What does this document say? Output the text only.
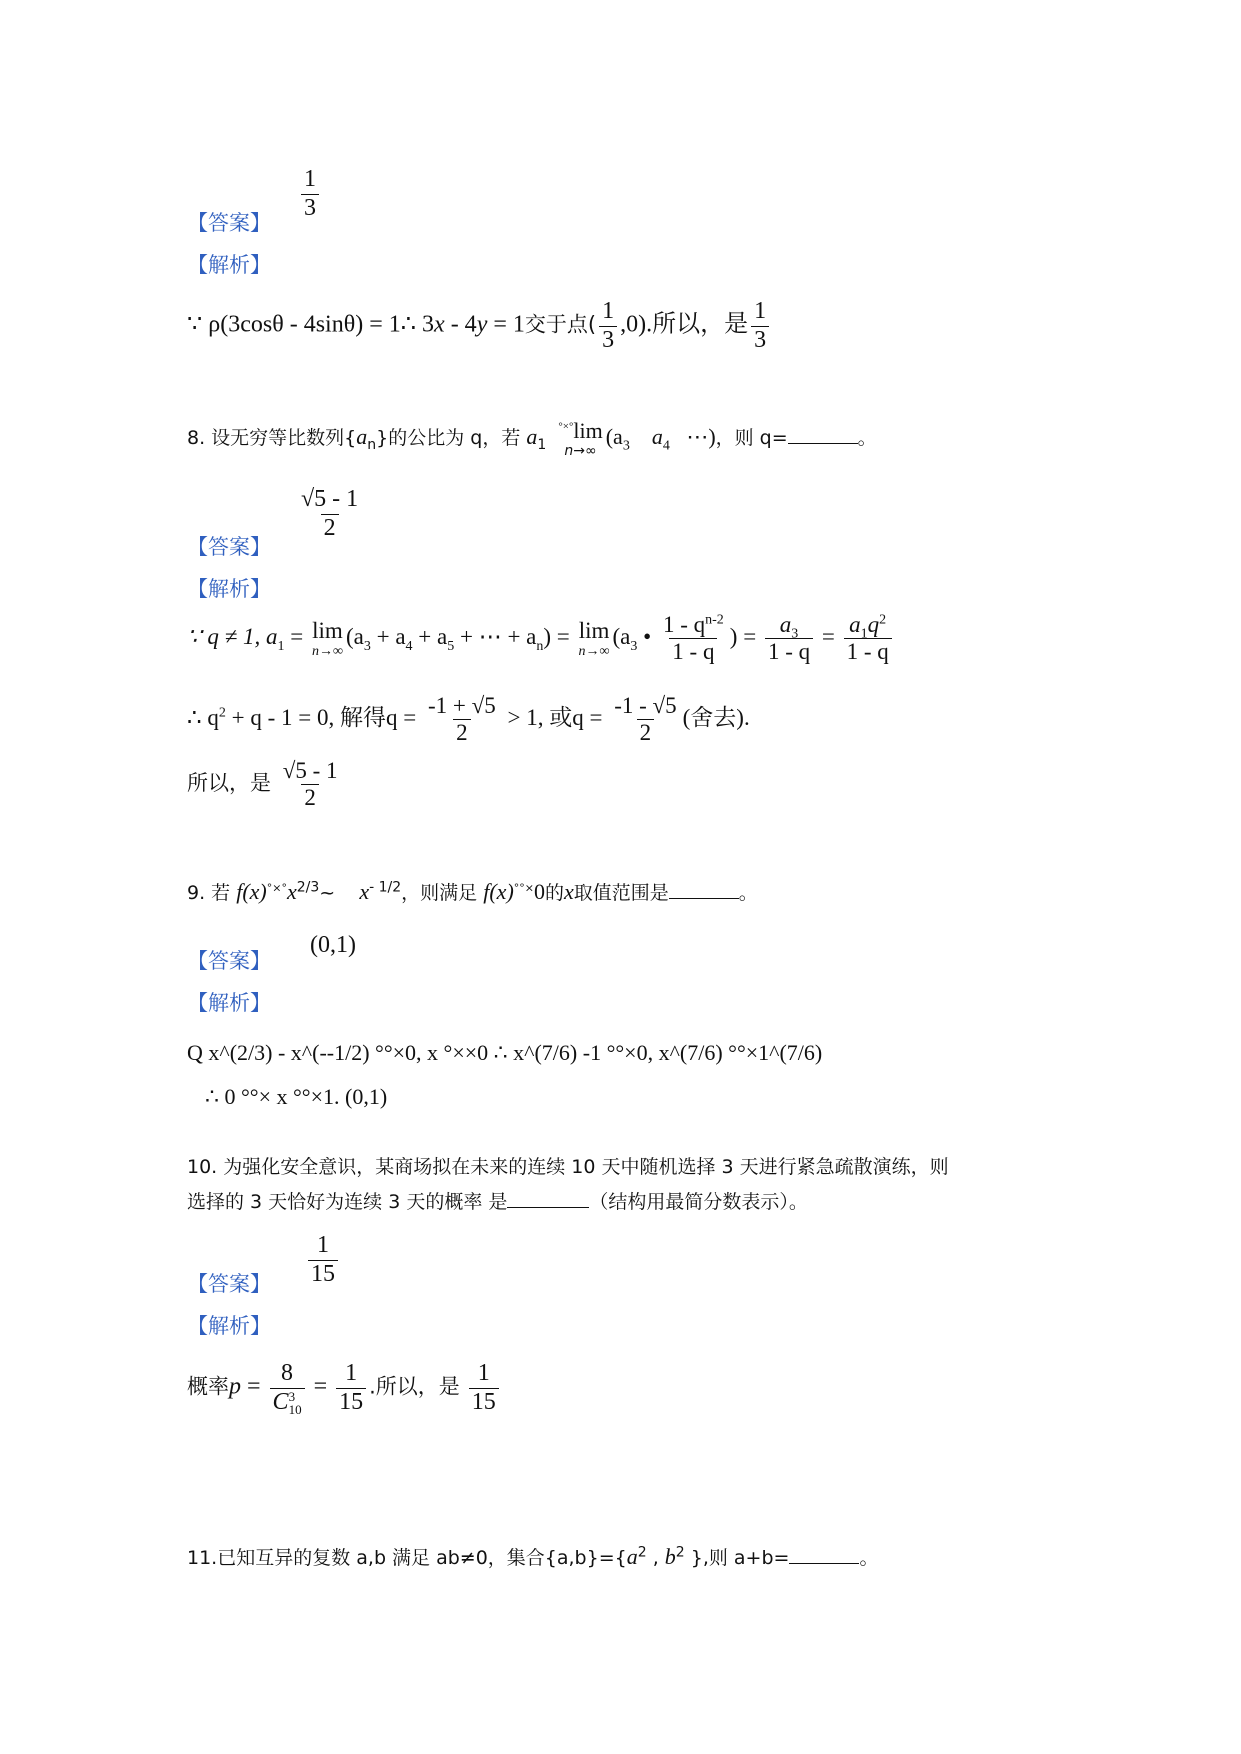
$\frac{1}{3}$
【答案】
【解析】
∵ ρ(3cosθ - 4sinθ) = 1∴ 3x - 4y = 1交于点( $\frac{1}{3} ,0$).所以，是 $\frac{1}{3}$
8. 设无穷等比数列$\{a_n\}$的公比为 q，若 $a_1$
°×°lim
n→∞
($a_3$ $a_4$ ⋯)，则 q=	。
$\frac{√5 - 1}{2}$
【答案】
【解析】
∵ q ≠ 1, $a_1 = \lim$
n→∞
($a_3 + a_4 + a_5$ + ⋯ + $a_n) = \lim$
n→∞
($a_3$ • $\frac{1 - q^{n-2}}{1 - q}$ ) = $\frac{a_3}{1 - q} = \frac{a_1q^2}{1 - q}$
∴ $q^2 + q - 1 = 0$, 解得$q = \frac{-1 + √5}{2} > 1$, 或$q = \frac{-1 - √5}{2}$ (舍去).
所以，是 $\frac{√5 - 1}{2}$
9. 若 $f(x)^{^\circ\times^\circ}x^{2/3}\sim$ $x^{- 1/2}$，则满足 f(x)°°×0的x取值范围是	。
【答案】
(0,1)
【解析】
Q x^(2/3) - x^(--1/2) °°×0, x °××0 ∴ x^(7/6) -1 °°×0, x^(7/6) °°×1^(7/6)
∴ 0 °°× x °°×1. (0,1)
10. 为强化安全意识，某商场拟在未来的连续 10 天中随机选择 3 天进行紧急疏散演练，则
选择的 3 天恰好为连续 3 天的概率 是	（结构用最简分数表示）。
$\frac{1}{15}$
【答案】
【解析】
概率p = 8
C 3
$10 = \frac{1}{15}$ .所以，是 $\frac{1}{15}$
11.已知互异的复数 a,b 满足 ab≠0，集合$\{a,b\}=\{a^2$ , $b^2$ },则 a+b=	。
